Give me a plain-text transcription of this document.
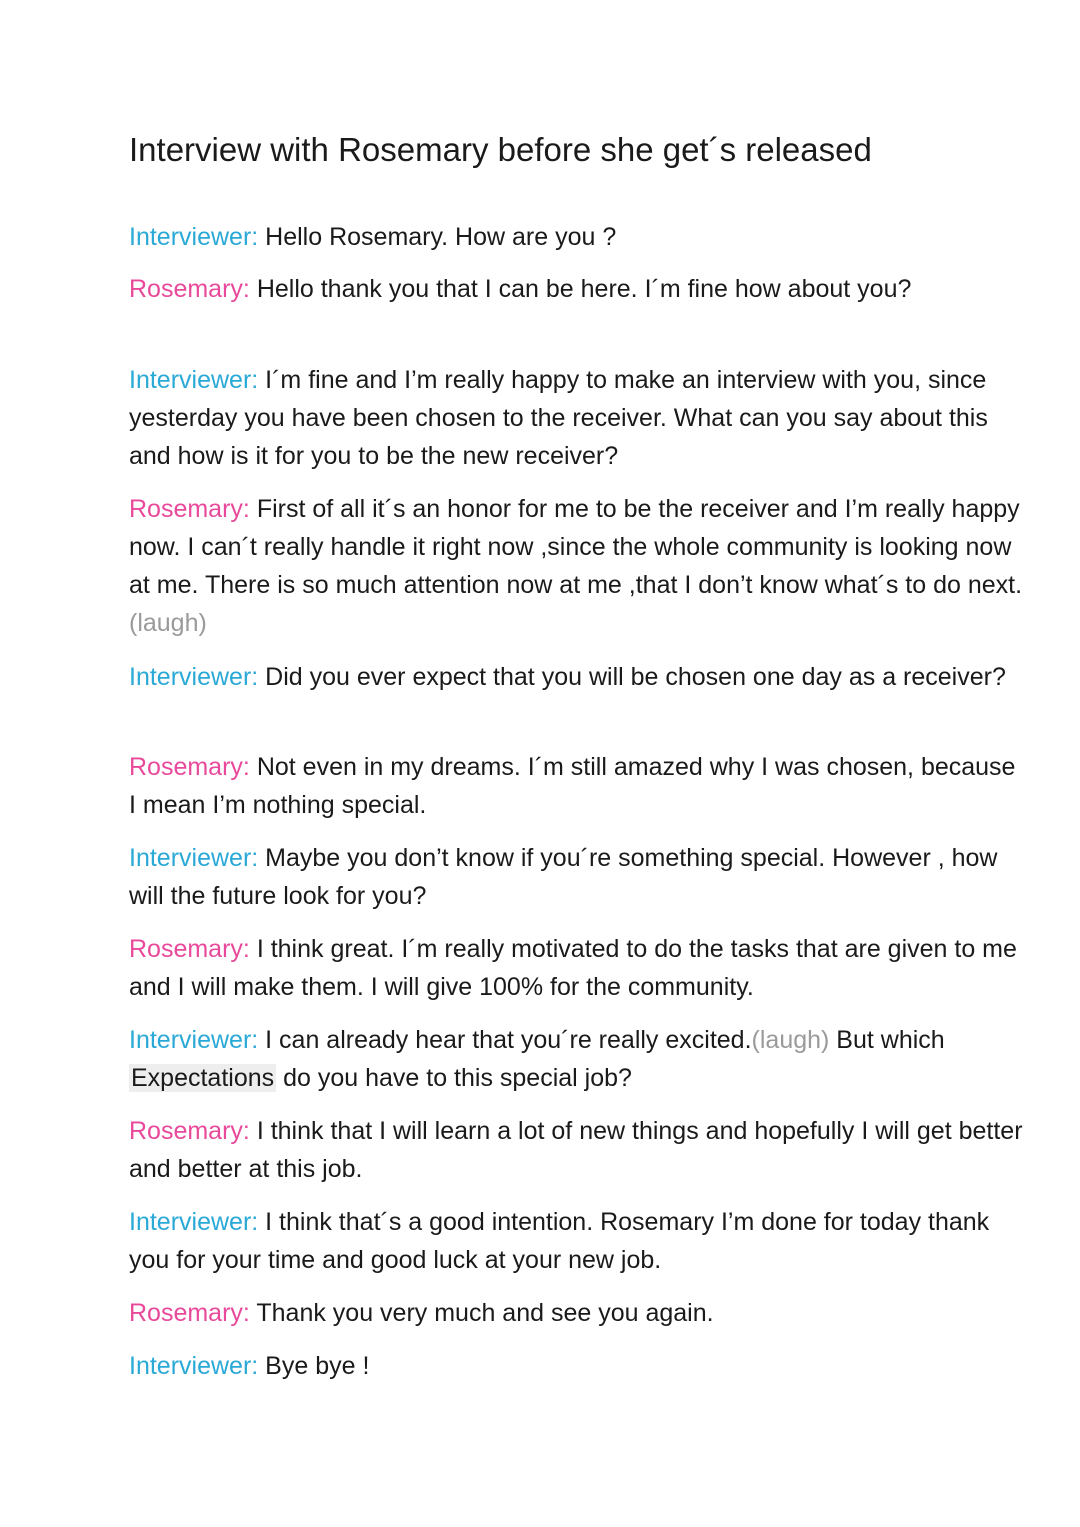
Interview with Rosemary before she get´s released

Interviewer: Hello Rosemary. How are you ?

Rosemary: Hello thank you that I can be here. I´m fine how about you?

Interviewer: I´m fine and I’m really happy to make an interview with you, since yesterday you have been chosen to the receiver. What can you say about this and how is it for you to be the new receiver?

Rosemary: First of all it´s an honor for me to be the receiver and I’m really happy now. I can´t really handle it right now ,since the whole community is looking now at me. There is so much attention now at me ,that I don’t know what´s to do next. (laugh)

Interviewer: Did you ever expect that you will be chosen one day as a receiver?

Rosemary: Not even in my dreams. I´m still amazed why I was chosen, because I mean I’m nothing special.

Interviewer: Maybe you don’t know if you´re something special. However , how will the future look for you?

Rosemary: I think great. I´m really motivated to do the tasks that are given to me and I will make them. I will give 100% for the community.

Interviewer: I can already hear that you´re really excited.(laugh) But which Expectations do you have to this special job?

Rosemary: I think that I will learn a lot of new things and hopefully I will get better and better at this job.

Interviewer: I think that´s a good intention. Rosemary I’m done for today thank you for your time and good luck at your new job.

Rosemary: Thank you very much and see you again.

Interviewer: Bye bye !
